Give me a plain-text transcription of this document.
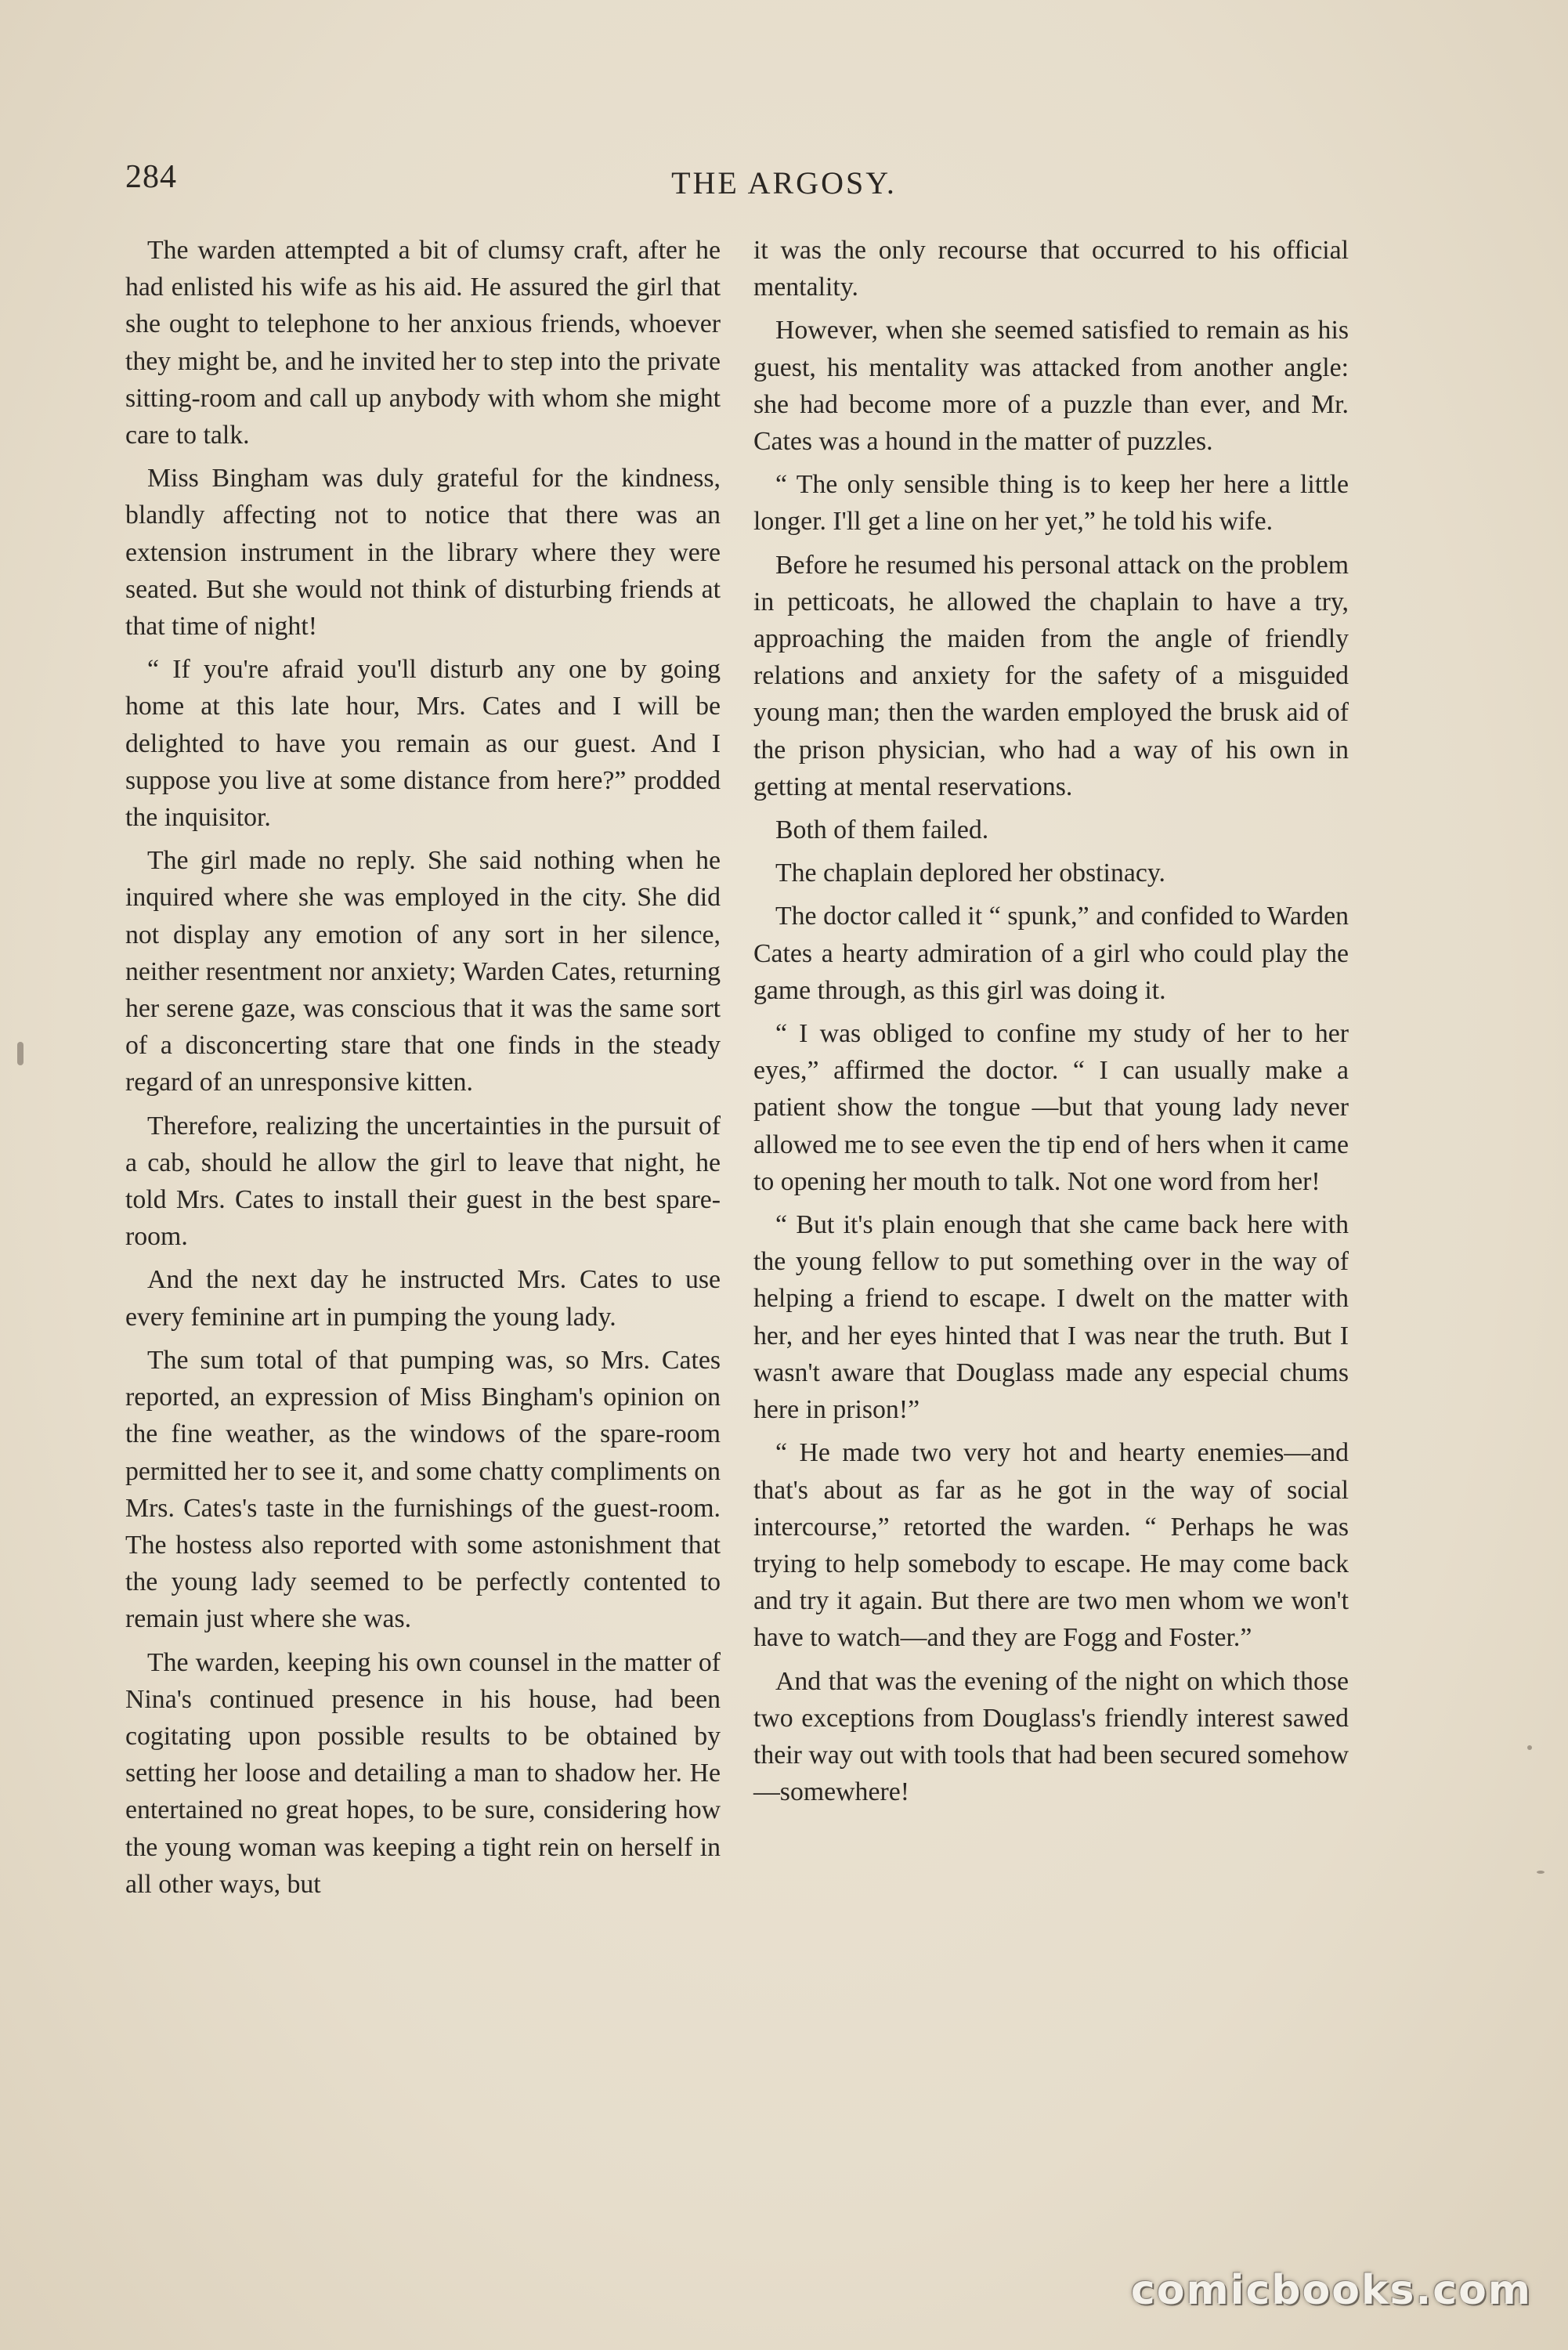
284	THE ARGOSY.

The warden attempted a bit of clumsy craft, after he had enlisted his wife as his aid. He assured the girl that she ought to telephone to her anxious friends, whoever they might be, and he invited her to step into the private sitting-room and call up anybody with whom she might care to talk.

Miss Bingham was duly grateful for the kindness, blandly affecting not to notice that there was an extension instrument in the library where they were seated. But she would not think of disturbing friends at that time of night!

“ If you're afraid you'll disturb any one by going home at this late hour, Mrs. Cates and I will be delighted to have you remain as our guest. And I suppose you live at some distance from here?” prodded the inquisitor.

The girl made no reply. She said nothing when he inquired where she was employed in the city. She did not display any emotion of any sort in her silence, neither resentment nor anxiety; Warden Cates, returning her serene gaze, was conscious that it was the same sort of a disconcerting stare that one finds in the steady regard of an unresponsive kitten.

Therefore, realizing the uncertainties in the pursuit of a cab, should he allow the girl to leave that night, he told Mrs. Cates to install their guest in the best spare-room.

And the next day he instructed Mrs. Cates to use every feminine art in pumping the young lady.

The sum total of that pumping was, so Mrs. Cates reported, an expression of Miss Bingham's opinion on the fine weather, as the windows of the spare-room permitted her to see it, and some chatty compliments on Mrs. Cates's taste in the furnishings of the guest-room. The hostess also reported with some astonishment that the young lady seemed to be perfectly contented to remain just where she was.

The warden, keeping his own counsel in the matter of Nina's continued presence in his house, had been cogitating upon possible results to be obtained by setting her loose and detailing a man to shadow her. He entertained no great hopes, to be sure, considering how the young woman was keeping a tight rein on herself in all other ways, but

it was the only recourse that occurred to his official mentality.

However, when she seemed satisfied to remain as his guest, his mentality was attacked from another angle: she had become more of a puzzle than ever, and Mr. Cates was a hound in the matter of puzzles.

“ The only sensible thing is to keep her here a little longer. I'll get a line on her yet,” he told his wife.

Before he resumed his personal attack on the problem in petticoats, he allowed the chaplain to have a try, approaching the maiden from the angle of friendly relations and anxiety for the safety of a misguided young man; then the warden employed the brusk aid of the prison physician, who had a way of his own in getting at mental reservations.

Both of them failed.

The chaplain deplored her obstinacy.

The doctor called it “ spunk,” and confided to Warden Cates a hearty admiration of a girl who could play the game through, as this girl was doing it.

“ I was obliged to confine my study of her to her eyes,” affirmed the doctor. “ I can usually make a patient show the tongue —but that young lady never allowed me to see even the tip end of hers when it came to opening her mouth to talk. Not one word from her!

“ But it's plain enough that she came back here with the young fellow to put something over in the way of helping a friend to escape. I dwelt on the matter with her, and her eyes hinted that I was near the truth. But I wasn't aware that Douglass made any especial chums here in prison!”

“ He made two very hot and hearty enemies—and that's about as far as he got in the way of social intercourse,” retorted the warden. “ Perhaps he was trying to help somebody to escape. He may come back and try it again. But there are two men whom we won't have to watch—and they are Fogg and Foster.”

And that was the evening of the night on which those two exceptions from Douglass's friendly interest sawed their way out with tools that had been secured somehow—somewhere!

comicbooks.com
